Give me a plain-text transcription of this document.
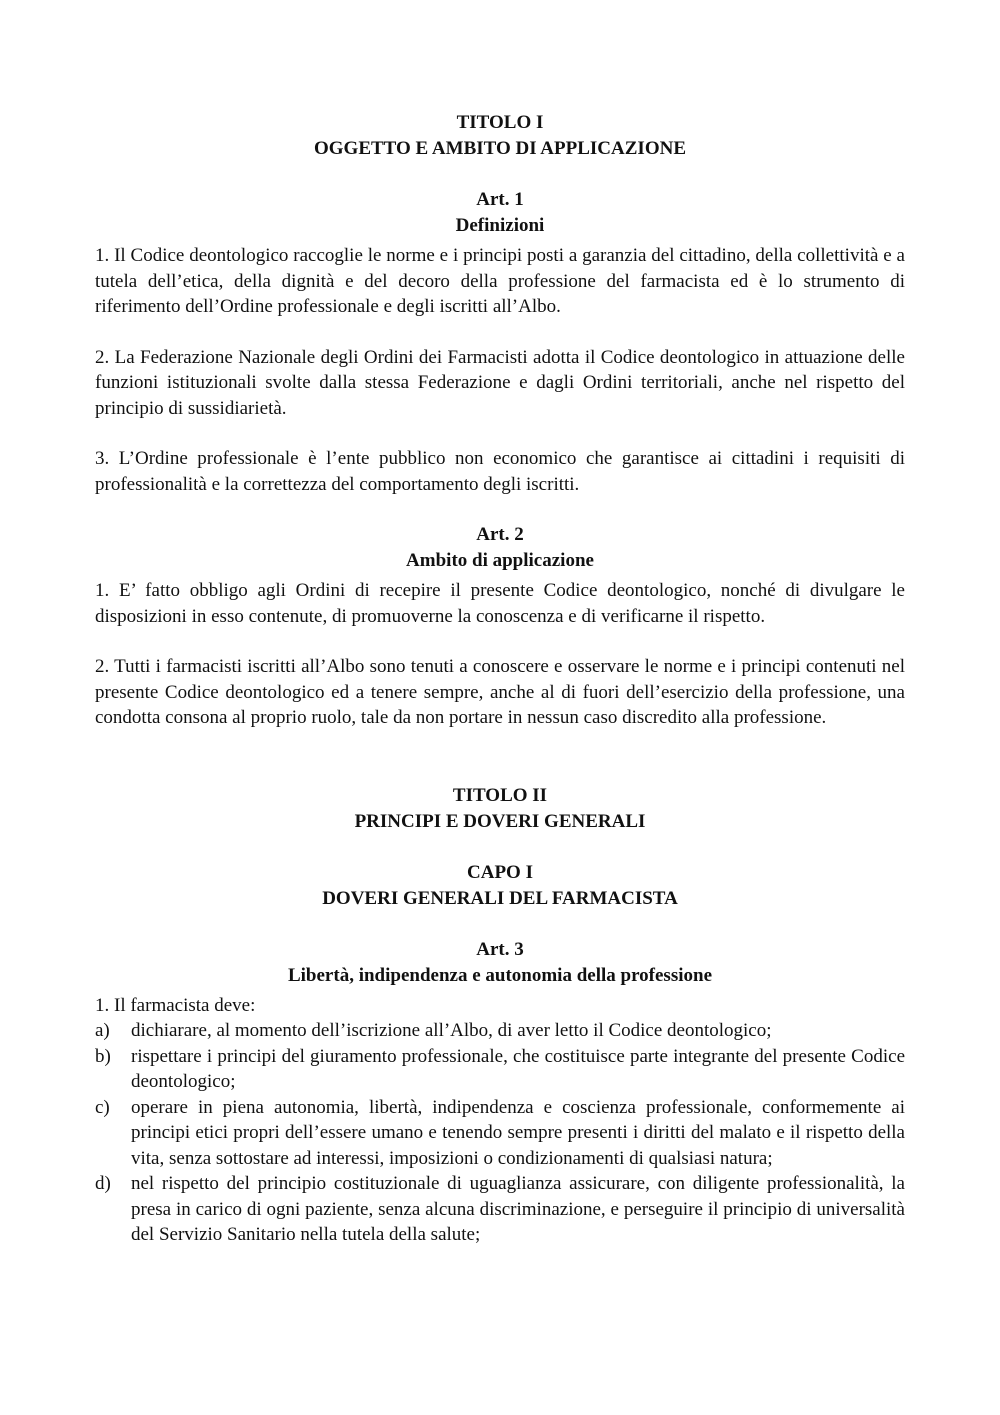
TITOLO I
OGGETTO E AMBITO DI APPLICAZIONE
Art. 1
Definizioni

1. Il Codice deontologico raccoglie le norme e i principi posti a garanzia del cittadino, della collettività e a tutela dell’etica, della dignità e del decoro della professione del farmacista ed è lo strumento di riferimento dell’Ordine professionale e degli iscritti all’Albo.

2. La Federazione Nazionale degli Ordini dei Farmacisti adotta il Codice deontologico in attuazione delle funzioni istituzionali svolte dalla stessa Federazione e dagli Ordini territoriali, anche nel rispetto del principio di sussidiarietà.

3. L’Ordine professionale è l’ente pubblico non economico che garantisce ai cittadini i requisiti di professionalità e la correttezza del comportamento degli iscritti.

Art. 2
Ambito di applicazione

1. E’ fatto obbligo agli Ordini di recepire il presente Codice deontologico, nonché di divulgare le disposizioni in esso contenute, di promuoverne la conoscenza e di verificarne il rispetto.

2. Tutti i farmacisti iscritti all’Albo sono tenuti a conoscere e osservare le norme e i principi contenuti nel presente Codice deontologico ed a tenere sempre, anche al di fuori dell’esercizio della professione, una condotta consona al proprio ruolo, tale da non portare in nessun caso discredito alla professione.

TITOLO II
PRINCIPI E DOVERI GENERALI
CAPO I
DOVERI GENERALI DEL FARMACISTA
Art. 3
Libertà, indipendenza e autonomia della professione

1. Il farmacista deve:

a)	dichiarare, al momento dell’iscrizione all’Albo, di aver letto il Codice deontologico;
b)	rispettare i principi del giuramento professionale, che costituisce parte integrante del presente Codice deontologico;
c)	operare in piena autonomia, libertà, indipendenza e coscienza professionale, conformemente ai principi etici propri dell’essere umano e tenendo sempre presenti i diritti del malato e il rispetto della vita, senza sottostare ad interessi, imposizioni o condizionamenti di qualsiasi natura;
d)	nel rispetto del principio costituzionale di uguaglianza assicurare, con diligente professionalità, la presa in carico di ogni paziente, senza alcuna discriminazione, e perseguire il principio di universalità del Servizio Sanitario nella tutela della salute;
